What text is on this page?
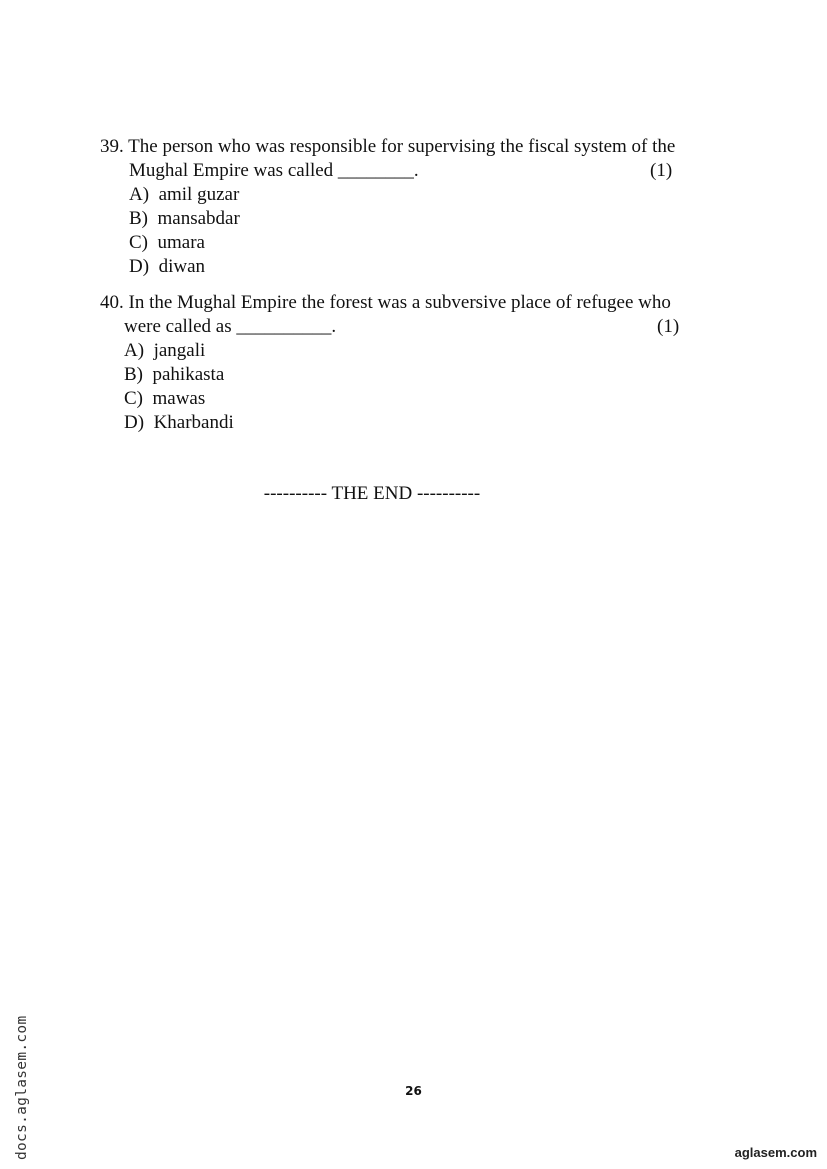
39. The person who was responsible for supervising the fiscal system of the
Mughal Empire was called ________.	(1)
A) amil guzar
B) mansabdar
C) umara
D) diwan
40. In the Mughal Empire the forest was a subversive place of refugee who
were called as __________.	(1)
A) jangali
B) pahikasta
C) mawas
D) Kharbandi
---------- THE END ----------
26
docs.aglasem.com	aglasem.com
